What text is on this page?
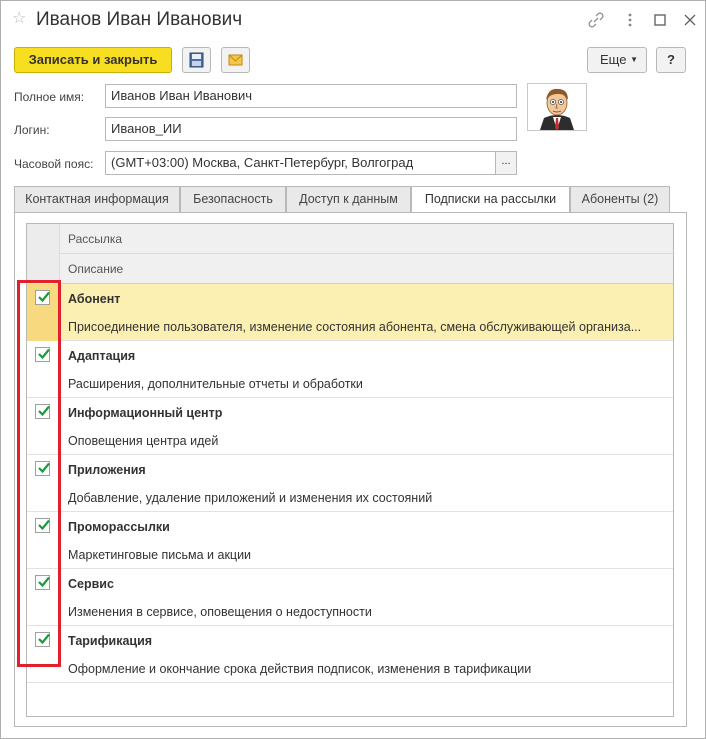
☆ Иванов Иван Иванович
Записать и закрыть	Еще ▼	?
Полное имя:	Иванов Иван Иванович
Логин:	Иванов_ИИ
Часовой пояс:	(GMT+03:00) Москва, Санкт-Петербург, Волгоград	...
Контактная информация	Безопасность	Доступ к данным	Подписки на рассылки	Абоненты (2)
Рассылка
Описание
Абонент
Присоединение пользователя, изменение состояния абонента, смена обслуживающей организа...
Адаптация
Расширения, дополнительные отчеты и обработки
Информационный центр
Оповещения центра идей
Приложения
Добавление, удаление приложений и изменения их состояний
Проморассылки
Маркетинговые письма и акции
Сервис
Изменения в сервисе, оповещения о недоступности
Тарификация
Оформление и окончание срока действия подписок, изменения в тарификации
